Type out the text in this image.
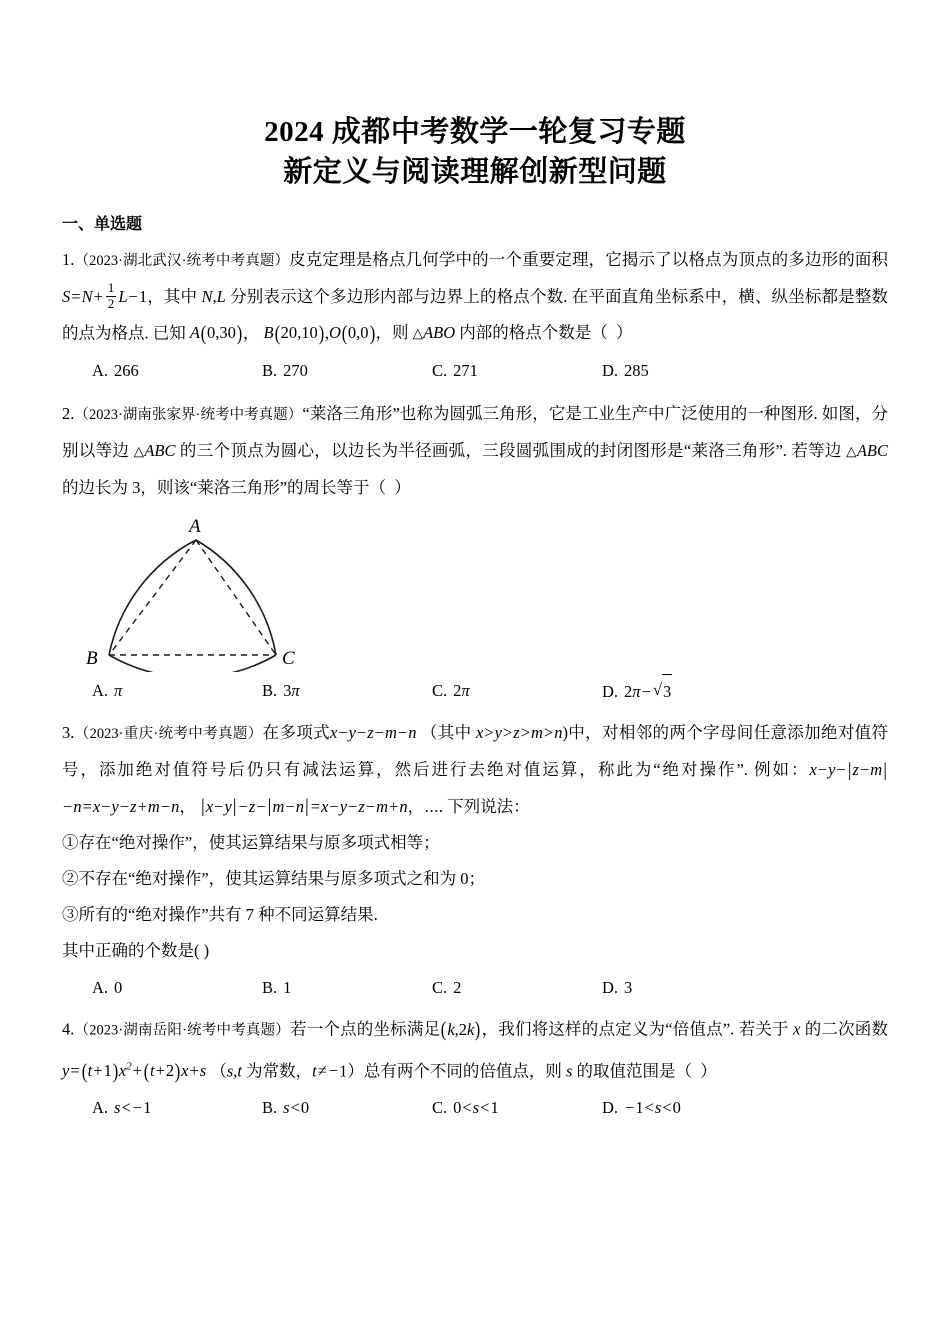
2024 成都中考数学一轮复习专题
新定义与阅读理解创新型问题
一、单选题
1.（2023·湖北武汉·统考中考真题）皮克定理是格点几何学中的一个重要定理，它揭示了以格点为顶点的多边形的面积$S=N+ \frac{1}{2} L-1$，其中 N,L 分别表示这个多边形内部与边界上的格点个数. 在平面直角坐标系中，横、纵坐标都是整数的点为格点. 已知 A(0,30)， B(20,10),O(0,0)，则 △ABO 内部的格点个数是（  ）
A. 266	B. 270	C. 271	D. 285
2.（2023·湖南张家界·统考中考真题）“莱洛三角形”也称为圆弧三角形，它是工业生产中广泛使用的一种图形. 如图，分别以等边 △ABC 的三个顶点为圆心，以边长为半径画弧，三段圆弧围成的封闭图形是“莱洛三角形”. 若等边 △ABC 的边长为 3，则该“莱洛三角形”的周长等于（  ）
A
B	C
A. π	B. 3π	C. 2π	D. 2π− √ 3
3.（2023·重庆·统考中考真题）在多项式x−y−z−m−n （其中 x>y>z>m>n)中，对相邻的两个字母间任意添加绝对值符号，添加绝对值符号后仍只有减法运算，然后进行去绝对值运算，称此为“绝对操作”. 例如：x−y− |z−m|−n=x−y−z+m−n， |x−y| −z− |m−n| =x−y−z−m+n，⋯. 下列说法：
①存在“绝对操作”，使其运算结果与原多项式相等；
②不存在“绝对操作”，使其运算结果与原多项式之和为 0；
③所有的“绝对操作”共有 7 种不同运算结果.
其中正确的个数是( )
A. 0	B. 1	C. 2	D. 3
4.（2023·湖南岳阳·统考中考真题）若一个点的坐标满足(k,2k)，我们将这样的点定义为“倍值点”. 若关于 x 的二次函数 $y=(t+1)x^2+(t+2)x+s$ （s,t 为常数，t≠ −1）总有两个不同的倍值点，则 s 的取值范围是（  ）
A. s< −1	B. s<0	C. 0<s<1	D. −1<s<0
